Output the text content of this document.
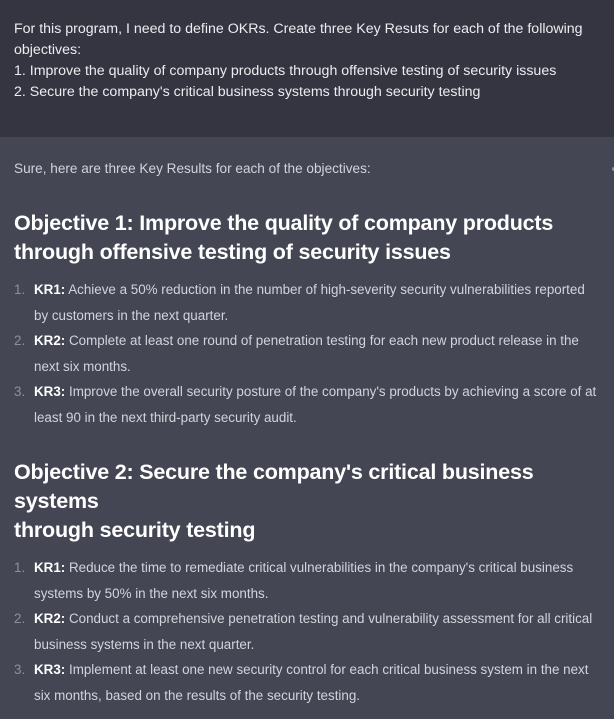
For this program, I need to define OKRs. Create three Key Resuts for each of the following
objectives:
1. Improve the quality of company products through offensive testing of security issues
2. Secure the company's critical business systems through security testing

Sure, here are three Key Results for each of the objectives:

Objective 1: Improve the quality of company products
through offensive testing of security issues
1. KR1: Achieve a 50% reduction in the number of high-severity security vulnerabilities reported by customers in the next quarter.
2. KR2: Complete at least one round of penetration testing for each new product release in the next six months.
3. KR3: Improve the overall security posture of the company's products by achieving a score of at least 90 in the next third-party security audit.
Objective 2: Secure the company's critical business systems
through security testing
1. KR1: Reduce the time to remediate critical vulnerabilities in the company's critical business systems by 50% in the next six months.
2. KR2: Conduct a comprehensive penetration testing and vulnerability assessment for all critical business systems in the next quarter.
3. KR3: Implement at least one new security control for each critical business system in the next six months, based on the results of the security testing.
